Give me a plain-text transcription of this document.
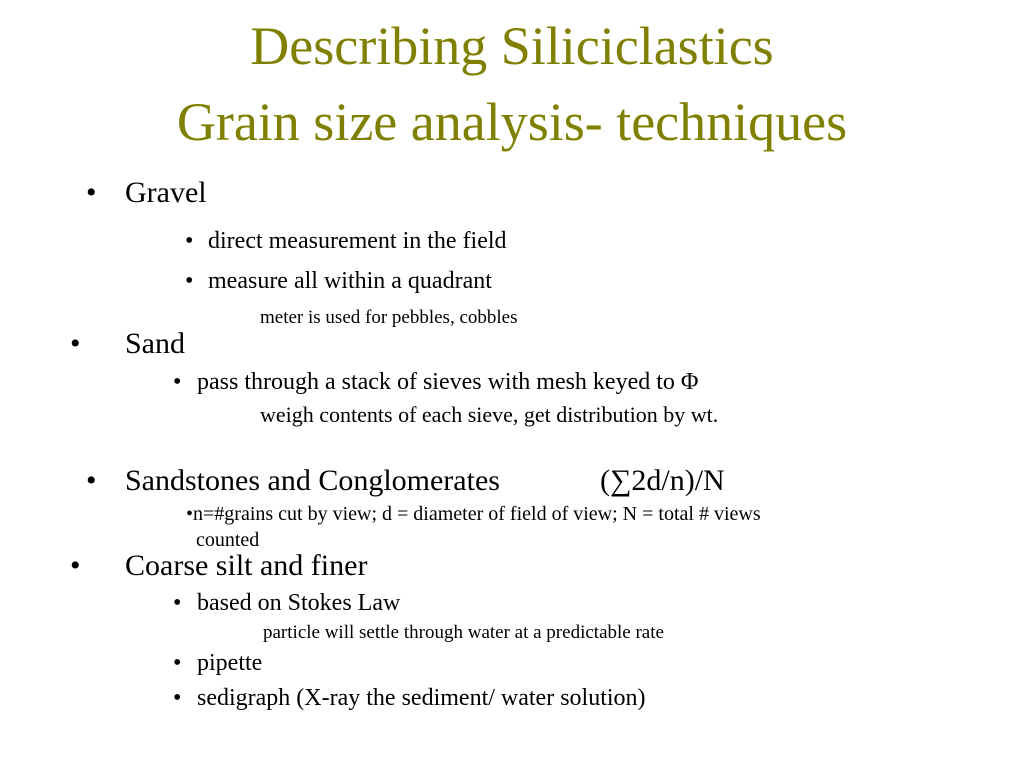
Describing Siliciclastics
Grain size analysis- techniques
• Gravel
• direct measurement in the field
• measure all within a quadrant
meter is used for pebbles, cobbles
• Sand
• pass through a stack of sieves with mesh keyed to Φ
weigh contents of each sieve, get distribution by wt.
• Sandstones and Conglomerates	(∑2d/n)/N
•n=#grains cut by view; d = diameter of field of view; N = total # views
counted
• Coarse silt and finer
• based on Stokes Law
particle will settle through water at a predictable rate
• pipette
• sedigraph (X-ray the sediment/ water solution)
